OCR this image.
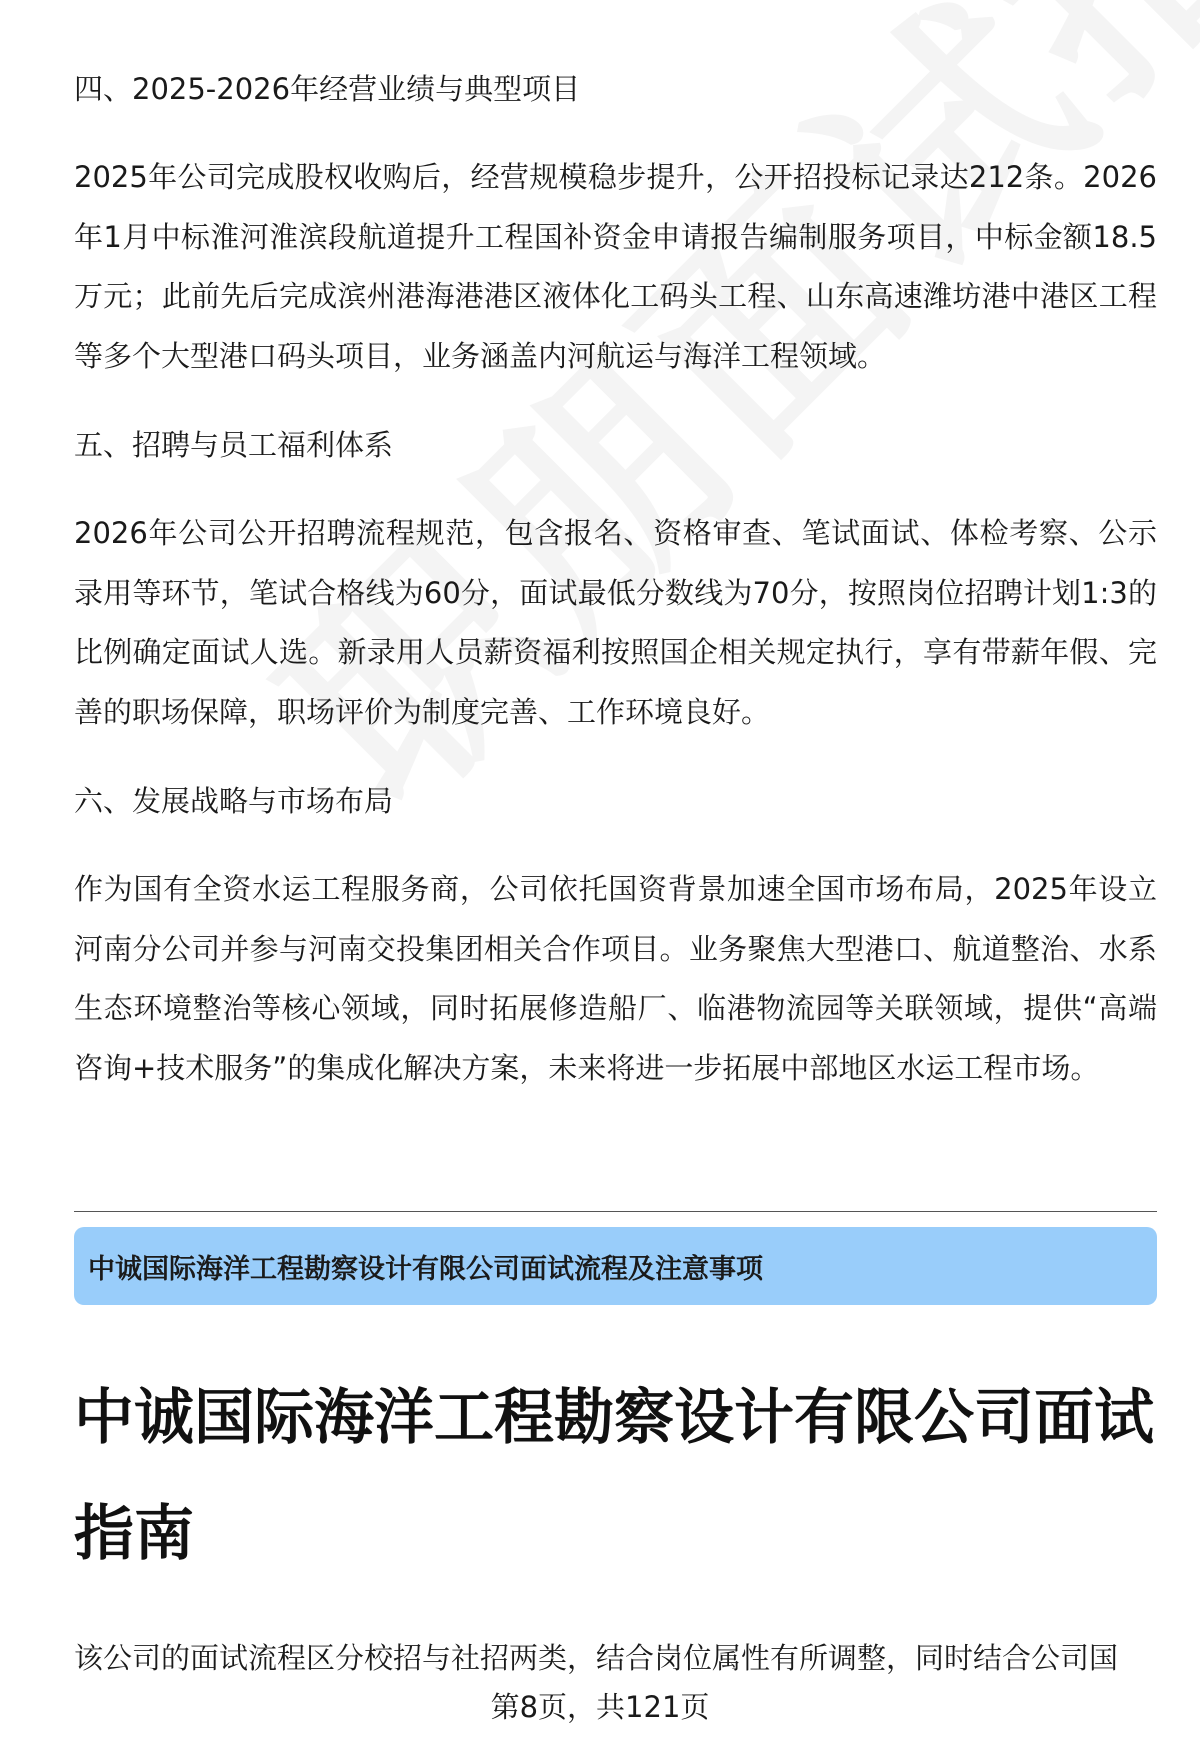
四、2025-2026年经营业绩与典型项目

2025年公司完成股权收购后，经营规模稳步提升，公开招投标记录达212条。2026年1月中标淮河淮滨段航道提升工程国补资金申请报告编制服务项目，中标金额18.5万元；此前先后完成滨州港海港港区液体化工码头工程、山东高速潍坊港中港区工程等多个大型港口码头项目，业务涵盖内河航运与海洋工程领域。

五、招聘与员工福利体系

2026年公司公开招聘流程规范，包含报名、资格审查、笔试面试、体检考察、公示录用等环节，笔试合格线为60分，面试最低分数线为70分，按照岗位招聘计划1:3的比例确定面试人选。新录用人员薪资福利按照国企相关规定执行，享有带薪年假、完善的职场保障，职场评价为制度完善、工作环境良好。

六、发展战略与市场布局

作为国有全资水运工程服务商，公司依托国资背景加速全国市场布局，2025年设立河南分公司并参与河南交投集团相关合作项目。业务聚焦大型港口、航道整治、水系生态环境整治等核心领域，同时拓展修造船厂、临港物流园等关联领域，提供“高端咨询+技术服务”的集成化解决方案，未来将进一步拓展中部地区水运工程市场。

中诚国际海洋工程勘察设计有限公司面试流程及注意事项
中诚国际海洋工程勘察设计有限公司面试指南

该公司的面试流程区分校招与社招两类，结合岗位属性有所调整，同时结合公司国

第8页，共121页
